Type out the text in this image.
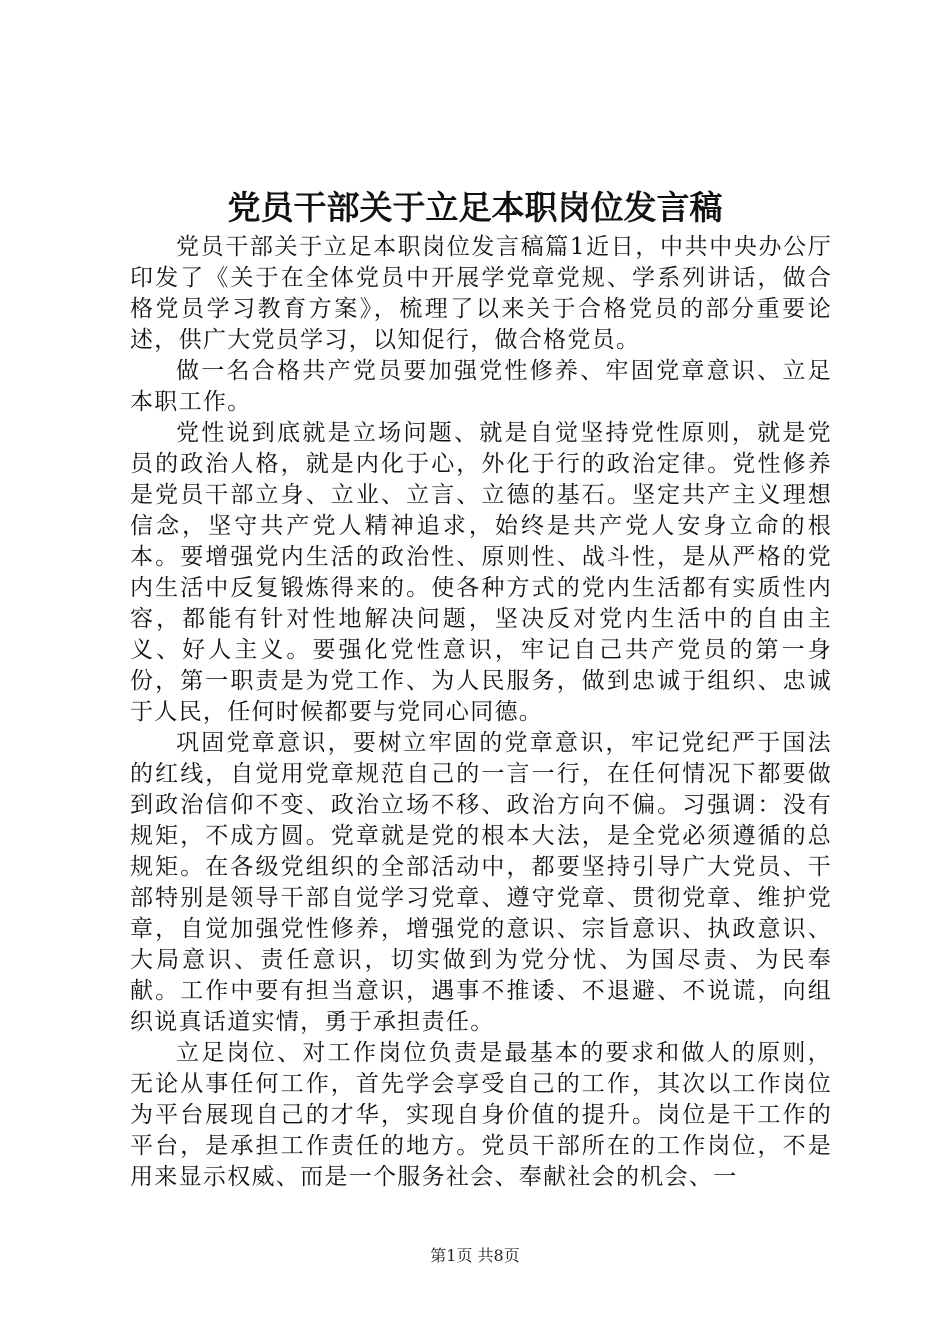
党员干部关于立足本职岗位发言稿

党员干部关于立足本职岗位发言稿篇1近日，中共中央办公厅印发了《关于在全体党员中开展学党章党规、学系列讲话，做合格党员学习教育方案》，梳理了以来关于合格党员的部分重要论述，供广大党员学习，以知促行，做合格党员。

做一名合格共产党员要加强党性修养、牢固党章意识、立足本职工作。

党性说到底就是立场问题、就是自觉坚持党性原则，就是党员的政治人格，就是内化于心，外化于行的政治定律。党性修养是党员干部立身、立业、立言、立德的基石。坚定共产主义理想信念，坚守共产党人精神追求，始终是共产党人安身立命的根本。要增强党内生活的政治性、原则性、战斗性，是从严格的党内生活中反复锻炼得来的。使各种方式的党内生活都有实质性内容，都能有针对性地解决问题，坚决反对党内生活中的自由主义、好人主义。要强化党性意识，牢记自己共产党员的第一身份，第一职责是为党工作、为人民服务，做到忠诚于组织、忠诚于人民，任何时候都要与党同心同德。

巩固党章意识，要树立牢固的党章意识，牢记党纪严于国法的红线，自觉用党章规范自己的一言一行，在任何情况下都要做到政治信仰不变、政治立场不移、政治方向不偏。习强调：没有规矩，不成方圆。党章就是党的根本大法，是全党必须遵循的总规矩。在各级党组织的全部活动中，都要坚持引导广大党员、干部特别是领导干部自觉学习党章、遵守党章、贯彻党章、维护党章，自觉加强党性修养，增强党的意识、宗旨意识、执政意识、大局意识、责任意识，切实做到为党分忧、为国尽责、为民奉献。工作中要有担当意识，遇事不推诿、不退避、不说谎，向组织说真话道实情，勇于承担责任。

立足岗位、对工作岗位负责是最基本的要求和做人的原则，无论从事任何工作，首先学会享受自己的工作，其次以工作岗位为平台展现自己的才华，实现自身价值的提升。岗位是干工作的平台，是承担工作责任的地方。党员干部所在的工作岗位，不是用来显示权威、而是一个服务社会、奉献社会的机会、一

第1页 共8页
